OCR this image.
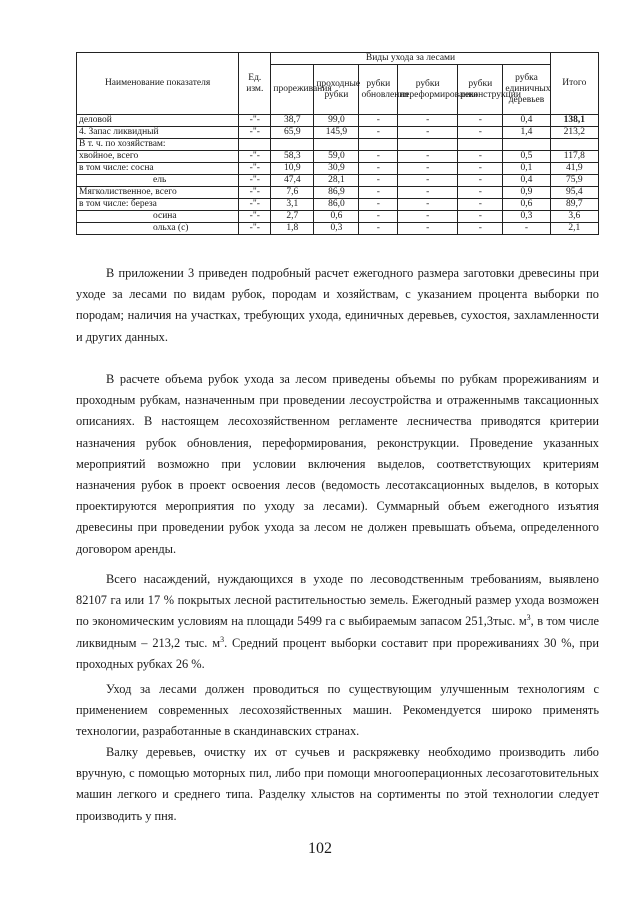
Наименование показателя	Ед. изм.	Виды ухода за лесами						Итого
		прореживания	проходные рубки	рубки обновления	рубки переформирования	рубки реконструкции	рубка единичных деревьев	
деловой	-"-	38,7	99,0	-	-	-	0,4	138,1
4. Запас ликвидный	-"-	65,9	145,9	-	-	-	1,4	213,2
В т. ч. по хозяйствам:								
хвойное, всего	-"-	58,3	59,0	-	-	-	0,5	117,8
в том числе: сосна	-"-	10,9	30,9	-	-	-	0,1	41,9
ель	-"-	47,4	28,1	-	-	-	0,4	75,9
Мягколиственное, всего	-"-	7,6	86,9	-	-	-	0,9	95,4
в том числе: береза	-"-	3,1	86,0	-	-	-	0,6	89,7
осина	-"-	2,7	0,6	-	-	-	0,3	3,6
ольха (с)	-"-	1,8	0,3	-	-	-	-	2,1

В приложении 3 приведен подробный расчет ежегодного размера заготовки древесины при уходе за лесами по видам рубок, породам и хозяйствам, с указанием процента выборки по породам; наличия на участках, требующих ухода, единичных деревьев, сухостоя, захламленности и других данных.

В расчете объема рубок ухода за лесом приведены объемы по рубкам прореживаниям и проходным рубкам, назначенным при проведении лесоустройства и отраженнымв таксационных описаниях. В настоящем лесохозяйственном регламенте лесничества приводятся критерии назначения рубок обновления, переформирования, реконструкции. Проведение указанных мероприятий возможно при условии включения выделов, соответствующих критериям назначения рубок в проект освоения лесов (ведомость лесотаксационных выделов, в которых проектируются мероприятия по уходу за лесами). Суммарный объем ежегодного изъятия древесины при проведении рубок ухода за лесом не должен превышать объема, определенного договором аренды.

Всего насаждений, нуждающихся в уходе по лесоводственным требованиям, выявлено 82107 га или 17 % покрытых лесной растительностью земель. Ежегодный размер ухода возможен по экономическим условиям на площади 5499 га с выбираемым запасом 251,3тыс. $м^3$, в том числе ликвидным – 213,2 тыс. $м^3$. Средний процент выборки составит при прореживаниях 30 %, при проходных рубках 26 %.

Уход за лесами должен проводиться по существующим улучшенным технологиям с применением современных лесохозяйственных машин. Рекомендуется широко применять технологии, разработанные в скандинавских странах.

Валку деревьев, очистку их от сучьев и раскряжевку необходимо производить либо вручную, с помощью моторных пил, либо при помощи многооперационных лесозаготовительных машин легкого и среднего типа. Разделку хлыстов на сортименты по этой технологии следует производить у пня.

102
